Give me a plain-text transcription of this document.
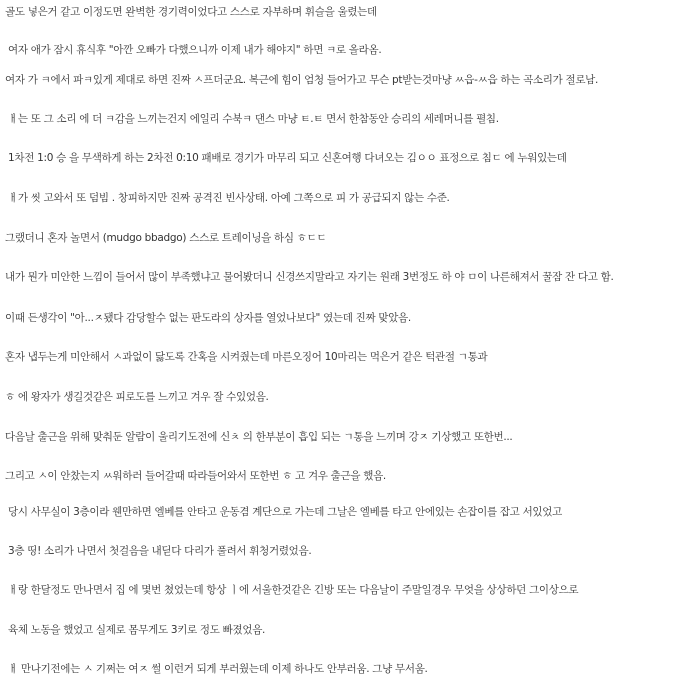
골도 넣은거 같고 이정도면 완벽한 경기력이었다고 스스로 자부하며 휘슬을 울렸는데
여자 애가 잠시 휴식후 "아깐 오빠가 다했으니까 이제 내가 해야지" 하면 ㅋ로 올라옴.
여자 가 ㅋ에서 파ㅋ있게 제대로 하면 진짜 ㅅ프더군요. 복근에 힘이 엄청 들어가고 무슨 pt받는것마냥 ㅆ읍-ㅆ읍 하는 곡소리가 절로남.
ㅐ는 또 그 소리 에 더 ㅋ감을 느끼는건지 에일리 수북ㅋ 댄스 마냥 ㅌ.ㅌ 면서 한참동안 승리의 세레머니를 펼침.
1차전 1:0 승 을 무색하게 하는 2차전 0:10 패배로 경기가 마무리 되고 신혼여행 다녀오는 김ㅇㅇ 표정으로 침ㄷ 에 누워있는데
ㅐ가 씻 고와서 또 덤빔 . 창피하지만 진짜 공격진 빈사상태. 아예 그쪽으로 피 가 공급되지 않는 수준.
그랬더니 혼자 놀면서 (mudgo bbadgo) 스스로 트레이닝을 하심 ㅎㄷㄷ
내가 뭔가 미안한 느낌이 들어서 많이 부족했냐고 물어봤더니 신경쓰지말라고 자기는 원래 3번정도 하 야 ㅁ이 나른해져서 꿀잠 잔 다고 함.
이때 든생각이 "아...ㅈ됐다 감당할수 없는 판도라의 상자를 열었나보다" 였는데 진짜 맞았음.
혼자 냅두는게 미안해서 ㅅ과없이 닳도록 간혹을 시켜줬는데 마른오징어 10마리는 먹은거 같은 턱관절 ㄱ통과
ㅎ 에 왕자가 생길것같은 피로도를 느끼고 겨우 잘 수있었음.
다음날 출근을 위해 맞춰둔 알람이 울리기도전에 신ㅊ 의 한부분이 흡입 되는 ㄱ통을 느끼며 강ㅈ 기상했고 또한번...
그리고 ㅅ이 안찼는지 ㅆ워하러 들어갈때 따라들어와서 또한번 ㅎ 고 겨우 출근을 했음.
당시 사무실이 3층이라 웬만하면 엘베를 안타고 운동겸 계단으로 가는데 그날은 엘베를 타고 안에있는 손잡이를 잡고 서있었고
3층 띵! 소리가 나면서 첫걸음을 내딛다 다리가 풀려서 휘청거렸었음.
ㅐ랑 한달정도 만나면서 집 에 몇번 쳤었는데 항상 ㅣ에 서울한것같은 긴방 또는 다음날이 주말일경우 무엇을 상상하던 그이상으로
육체 노동을 했었고 실제로 몸무게도 3키로 정도 빠졌었음.
ㅐ 만나기전에는 ㅅ 기쩌는 여ㅈ 썰 이런거 되게 부러웠는데 이제 하나도 안부러움. 그냥 무서움.
